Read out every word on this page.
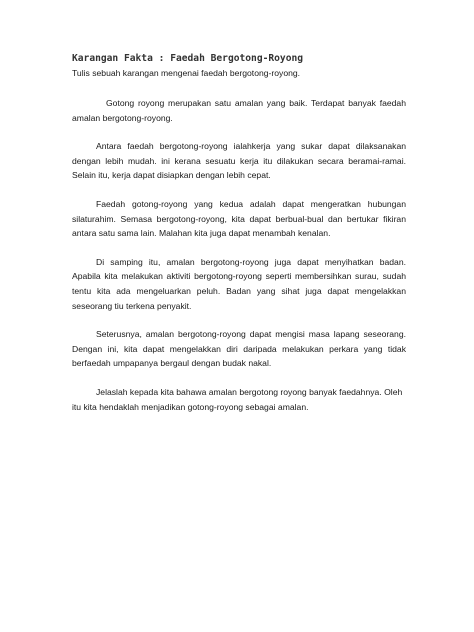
Karangan Fakta : Faedah Bergotong-Royong

Tulis sebuah karangan mengenai faedah bergotong-royong.

Gotong royong merupakan satu amalan yang baik. Terdapat banyak faedah amalan bergotong-royong.

Antara faedah bergotong-royong ialahkerja yang sukar dapat dilaksanakan dengan lebih mudah. ini kerana sesuatu kerja itu dilakukan secara beramai-ramai. Selain itu, kerja dapat disiapkan dengan lebih cepat.

Faedah gotong-royong yang kedua adalah dapat mengeratkan hubungan silaturahim. Semasa bergotong-royong, kita dapat berbual-bual dan bertukar fikiran antara satu sama lain. Malahan kita juga dapat menambah kenalan.

Di samping itu, amalan bergotong-royong juga dapat menyihatkan badan. Apabila kita melakukan aktiviti bergotong-royong seperti membersihkan surau, sudah tentu kita ada mengeluarkan peluh. Badan yang sihat juga dapat mengelakkan seseorang tiu terkena penyakit.

Seterusnya, amalan bergotong-royong dapat mengisi masa lapang seseorang. Dengan ini, kita dapat mengelakkan diri daripada melakukan perkara yang tidak berfaedah umpapanya bergaul dengan budak nakal.

Jelaslah kepada kita bahawa amalan bergotong royong banyak faedahnya. Oleh itu kita hendaklah menjadikan gotong-royong sebagai amalan.
